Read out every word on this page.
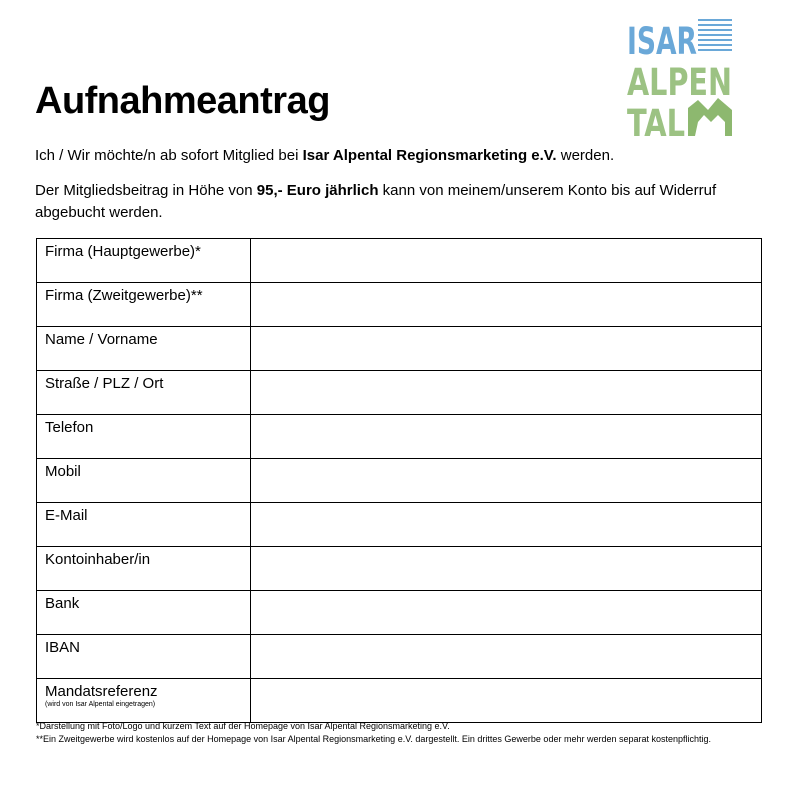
Aufnahmeantrag
ISAR
ALPEN
TAL

Ich / Wir möchte/n ab sofort Mitglied bei Isar Alpental Regionsmarketing e.V. werden.

Der Mitgliedsbeitrag in Höhe von 95,- Euro jährlich kann von meinem/unserem Konto bis auf Widerruf abgebucht werden.

Firma (Hauptgewerbe)*	
Firma (Zweitgewerbe)**	
Name / Vorname	
Straße / PLZ / Ort	
Telefon	
Mobil	
E-Mail	
Kontoinhaber/in	
Bank	
IBAN	
Mandatsreferenz
(wird von Isar Alpental eingetragen)	

*Darstellung mit Foto/Logo und kurzem Text auf der Homepage von Isar Alpental Regionsmarketing e.V.

**Ein Zweitgewerbe wird kostenlos auf der Homepage von Isar Alpental Regionsmarketing e.V. dargestellt. Ein drittes Gewerbe oder mehr werden separat kostenpflichtig.
